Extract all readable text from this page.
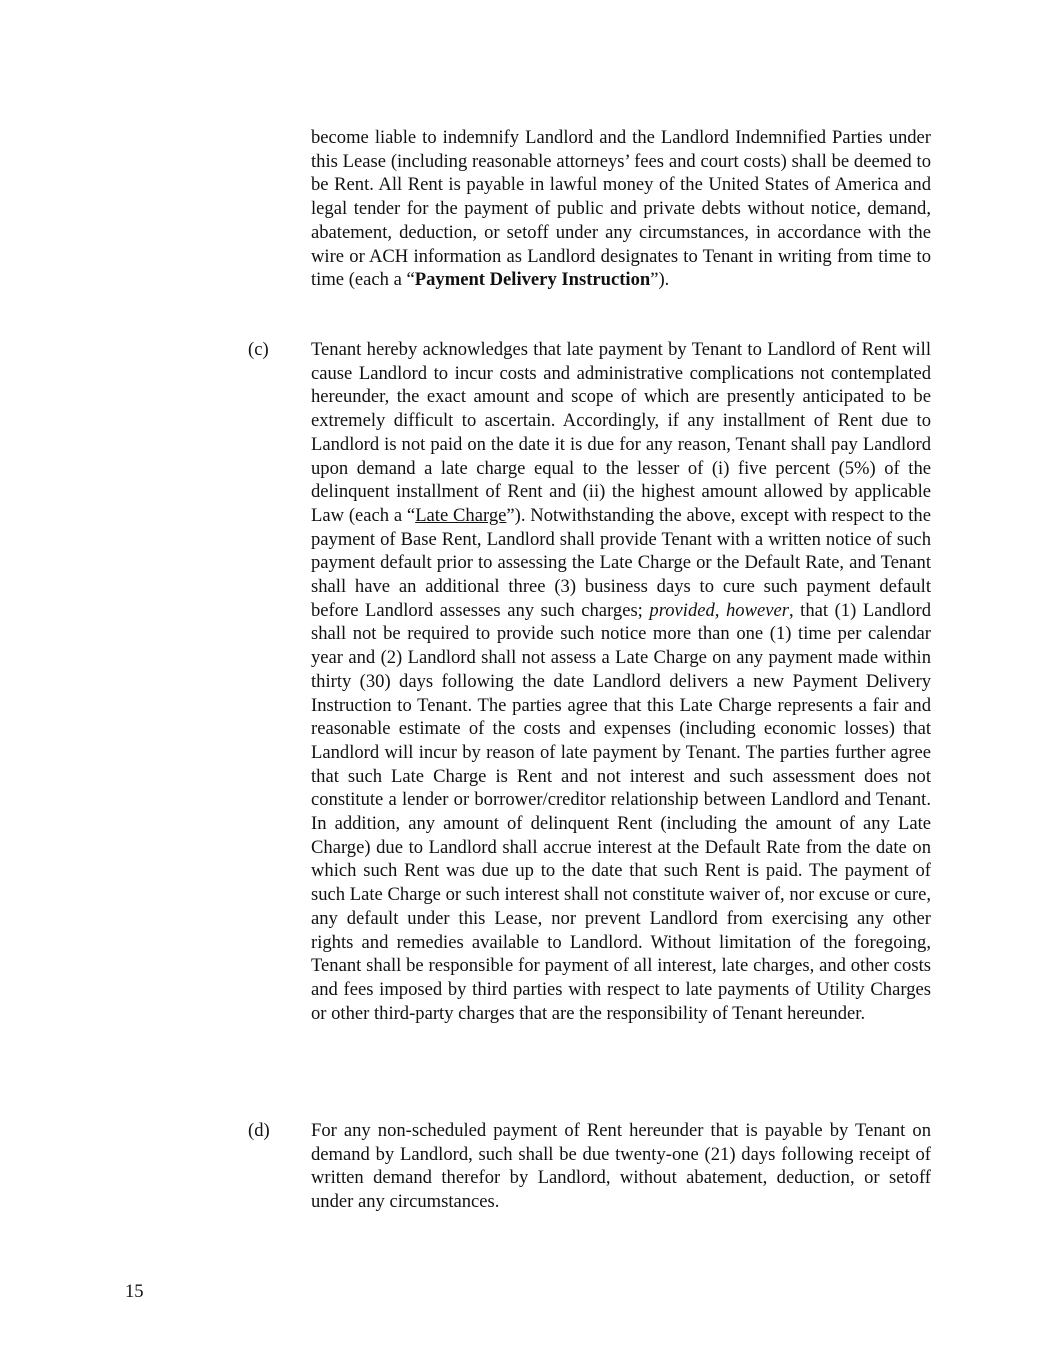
become liable to indemnify Landlord and the Landlord Indemnified Parties under this Lease (including reasonable attorneys’ fees and court costs) shall be deemed to be Rent. All Rent is payable in lawful money of the United States of America and legal tender for the payment of public and private debts without notice, demand, abatement, deduction, or setoff under any circumstances, in accordance with the wire or ACH information as Landlord designates to Tenant in writing from time to time (each a “Payment Delivery Instruction”).

(c) Tenant hereby acknowledges that late payment by Tenant to Landlord of Rent will cause Landlord to incur costs and administrative complications not contemplated hereunder, the exact amount and scope of which are presently anticipated to be extremely difficult to ascertain. Accordingly, if any installment of Rent due to Landlord is not paid on the date it is due for any reason, Tenant shall pay Landlord upon demand a late charge equal to the lesser of (i) five percent (5%) of the delinquent installment of Rent and (ii) the highest amount allowed by applicable Law (each a “Late Charge”). Notwithstanding the above, except with respect to the payment of Base Rent, Landlord shall provide Tenant with a written notice of such payment default prior to assessing the Late Charge or the Default Rate, and Tenant shall have an additional three (3) business days to cure such payment default before Landlord assesses any such charges; provided, however, that (1) Landlord shall not be required to provide such notice more than one (1) time per calendar year and (2) Landlord shall not assess a Late Charge on any payment made within thirty (30) days following the date Landlord delivers a new Payment Delivery Instruction to Tenant. The parties agree that this Late Charge represents a fair and reasonable estimate of the costs and expenses (including economic losses) that Landlord will incur by reason of late payment by Tenant. The parties further agree that such Late Charge is Rent and not interest and such assessment does not constitute a lender or borrower/creditor relationship between Landlord and Tenant. In addition, any amount of delinquent Rent (including the amount of any Late Charge) due to Landlord shall accrue interest at the Default Rate from the date on which such Rent was due up to the date that such Rent is paid. The payment of such Late Charge or such interest shall not constitute waiver of, nor excuse or cure, any default under this Lease, nor prevent Landlord from exercising any other rights and remedies available to Landlord. Without limitation of the foregoing, Tenant shall be responsible for payment of all interest, late charges, and other costs and fees imposed by third parties with respect to late payments of Utility Charges or other third-party charges that are the responsibility of Tenant hereunder.

(d) For any non-scheduled payment of Rent hereunder that is payable by Tenant on demand by Landlord, such shall be due twenty-one (21) days following receipt of written demand therefor by Landlord, without abatement, deduction, or setoff under any circumstances.

15
